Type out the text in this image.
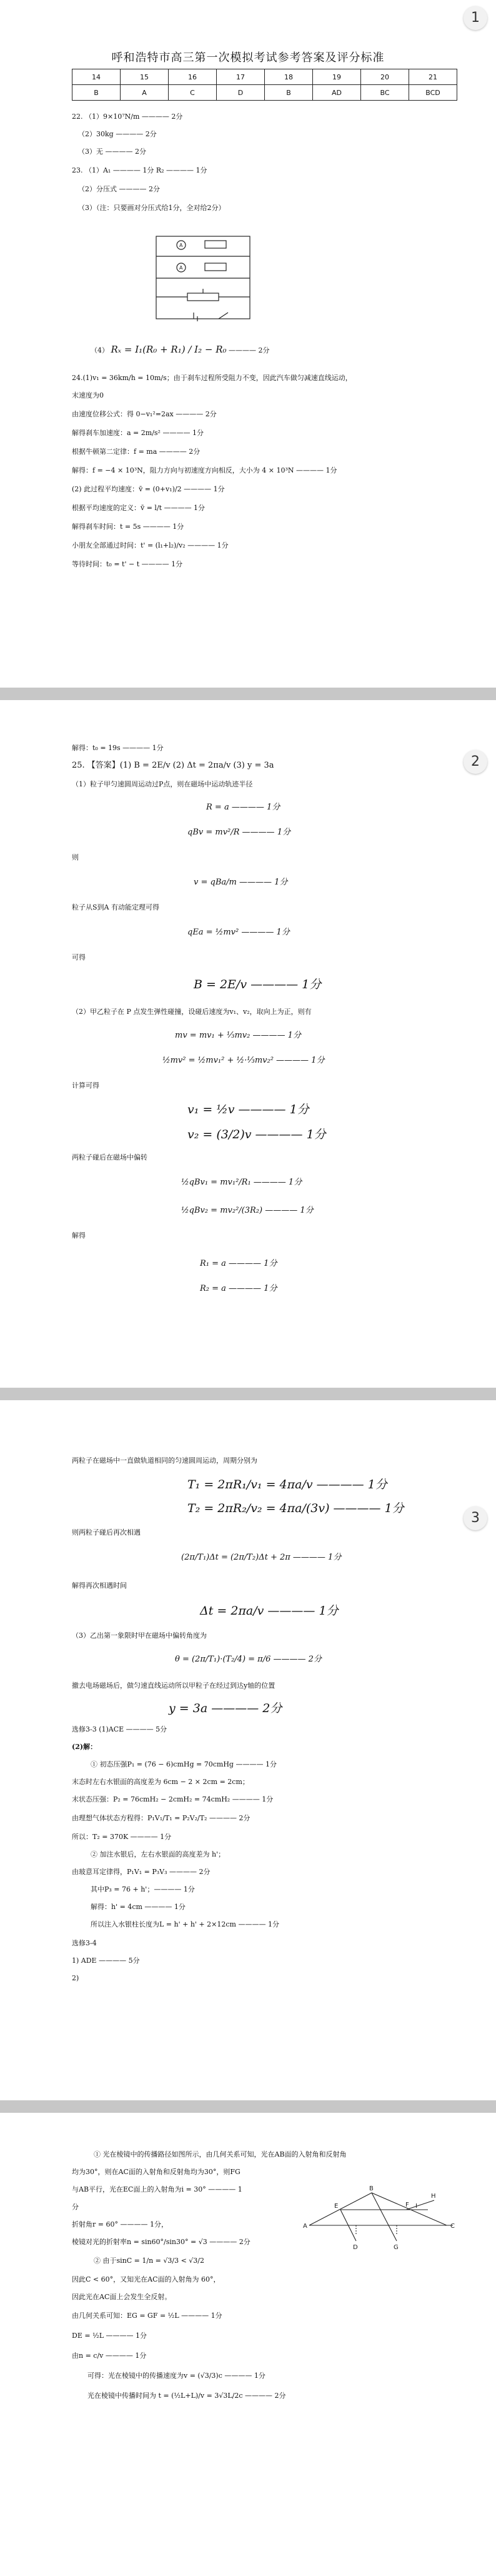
1
呼和浩特市高三第一次模拟考试参考答案及评分标准
14	15	16	17	18	19	20	21
B	A	C	D	B	AD	BC	BCD
22. （1）9×10⁷N/m ———— 2分
（2）30kg ———— 2分
（3）无 ———— 2分
23. （1）A₁ ———— 1分 R₂ ———— 1分
（2）分压式 ———— 2分
（3）（注：只要画对分压式给1分，全对给2分）
A
A
（4） Rₓ = I₁(R₀ + R₁) / I₂ − R₀ ———— 2分
24.(1)v₁ = 36km/h = 10m/s；由于刹车过程所受阻力不变，因此汽车做匀减速直线运动，
末速度为0
由速度位移公式：得 0−v₁²=2ax ———— 2分
解得刹车加速度：a = 2m/s² ———— 1分
根据牛顿第二定律：f = ma ———— 2分
解得：f = −4 × 10³N，阻力方向与初速度方向相反，大小为 4 × 10³N ———— 1分
(2) 此过程平均速度：v̄ = (0+v₁)/2 ———— 1分
根据平均速度的定义：v̄ = l/t ———— 1分
解得刹车时间：t = 5s ———— 1分
小朋友全部通过时间：t' = (l₁+l₂)/v₂ ———— 1分
等待时间：t₀ = t' − t ———— 1分
2
解得：t₀ = 19s ———— 1分
25. 【答案】(1) B = 2E/v (2) Δt = 2πa/v (3) y = 3a
（1）粒子甲匀速圆周运动过P点，则在磁场中运动轨迹半径
R = a ———— 1分
qBv = mv²/R ———— 1分
则
v = qBa/m ———— 1分
粒子从S到A 有动能定理可得
qEa = ½mv² ———— 1分
可得
B = 2E/v ———— 1分
（2）甲乙粒子在 P 点发生弹性碰撞，设碰后速度为v₁、v₂，取向上为正，则有
mv = mv₁ + ⅓mv₂ ———— 1分
½mv² = ½mv₁² + ½·⅓mv₂² ———— 1分
计算可得
v₁ = ½v ———— 1分
v₂ = (3/2)v ———— 1分
两粒子碰后在磁场中偏转
½qBv₁ = mv₁²/R₁ ———— 1分
½qBv₂ = mv₂²/(3R₂) ———— 1分
解得
R₁ = a ———— 1分
R₂ = a ———— 1分
3
两粒子在磁场中一直做轨道相同的匀速圆周运动，周期分别为
T₁ = 2πR₁/v₁ = 4πa/v ———— 1分
T₂ = 2πR₂/v₂ = 4πa/(3v) ———— 1分
则两粒子碰后再次相遇
(2π/T₁)Δt = (2π/T₂)Δt + 2π ———— 1分
解得再次相遇时间
Δt = 2πa/v ———— 1分
（3）乙出第一象限时甲在磁场中偏转角度为
θ = (2π/T₁)·(T₂/4) = π/6 ———— 2分
撤去电场磁场后，做匀速直线运动所以甲粒子在经过到达y轴的位置
y = 3a ———— 2分
选修3-3 (1)ACE ———— 5分
(2)解：
① 初态压强P₁ = (76 − 6)cmHg = 70cmHg ———— 1分
末态时左右水银面的高度差为 6cm − 2 × 2cm = 2cm；
末状态压强：P₂ = 76cmH₂ − 2cmH₂ = 74cmH₂ ———— 1分
由理想气体状态方程得：P₁V₁/T₁ = P₂V₂/T₂ ———— 2分
所以：T₂ = 370K ———— 1分
② 加注水银后，左右水银面的高度差为 h'；
由玻意耳定律得，P₁V₁ = P₃V₃ ———— 2分
其中P₃ = 76 + h'；———— 1分
解得：h' = 4cm ———— 1分
所以注入水银柱长度为L = h' + h' + 2×12cm ———— 1分
选修3-4
1) ADE ———— 5分
2)
① 光在棱镜中的传播路径如图所示，由几何关系可知，光在AB面的入射角和反射角
均为30°，则在AC面的入射角和反射角均为30°，则FG
与AB平行，光在EC面上的入射角为i = 30° ———— 1
分
折射角r = 60° ———— 1分，
棱镜对光的折射率n = sin60°/sin30° = √3 ———— 2分
② 由于sinC = 1/n = √3/3 < √3/2
因此C < 60°，又知光在AC面的入射角为 60°，
因此光在AC面上会发生全反射。
由几何关系可知：EG = GF = ½L ———— 1分
DE = ½L ———— 1分
由n = c/v ———— 1分
可得：光在棱镜中的传播速度为v = (√3/3)c ———— 1分
光在棱镜中传播时间为 t = (½L+L)/v = 3√3L/2c ———— 2分
A
B
C
D
E	F
G
H
I
